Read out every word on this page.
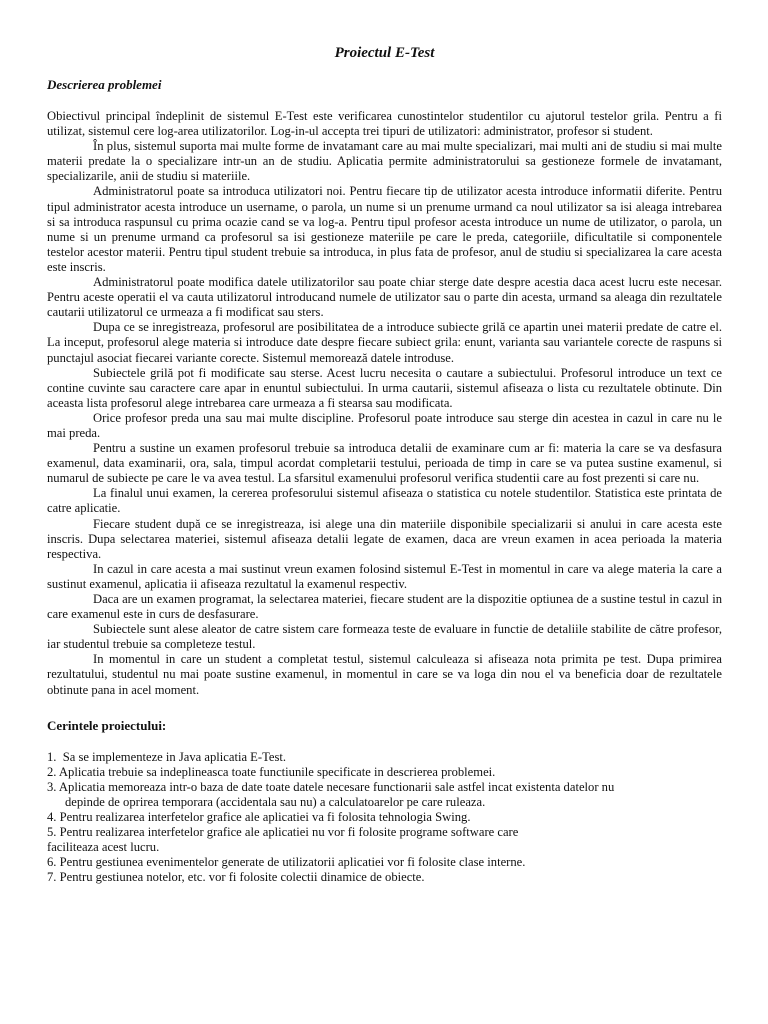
Proiectul E-Test
Descrierea problemei

Obiectivul principal îndeplinit de sistemul E-Test este verificarea cunostintelor studentilor cu ajutorul testelor grila. Pentru a fi utilizat, sistemul cere log-area utilizatorilor. Log-in-ul accepta trei tipuri de utilizatori: administrator, profesor si student.

În plus, sistemul suporta mai multe forme de invatamant care au mai multe specializari, mai multi ani de studiu si mai multe materii predate la o specializare intr-un an de studiu. Aplicatia permite administratorului sa gestioneze formele de invatamant, specializarile, anii de studiu si materiile.

Administratorul poate sa introduca utilizatori noi. Pentru fiecare tip de utilizator acesta introduce informatii diferite. Pentru tipul administrator acesta introduce un username, o parola, un nume si un prenume urmand ca noul utilizator sa isi aleaga intrebarea si sa introduca raspunsul cu prima ocazie cand se va log-a. Pentru tipul profesor acesta introduce un nume de utilizator, o parola, un nume si un prenume urmand ca profesorul sa isi gestioneze materiile pe care le preda, categoriile, dificultatile si componentele testelor acestor materii. Pentru tipul student trebuie sa introduca, in plus fata de profesor, anul de studiu si specializarea la care acesta este inscris.

Administratorul poate modifica datele utilizatorilor sau poate chiar sterge date despre acestia daca acest lucru este necesar. Pentru aceste operatii el va cauta utilizatorul introducand numele de utilizator sau o parte din acesta, urmand sa aleaga din rezultatele cautarii utilizatorul ce urmeaza a fi modificat sau sters.

Dupa ce se inregistreaza, profesorul are posibilitatea de a introduce subiecte grilă ce apartin unei materii predate de catre el. La inceput, profesorul alege materia si introduce date despre fiecare subiect grila: enunt, varianta sau variantele corecte de raspuns si punctajul asociat fiecarei variante corecte. Sistemul memorează datele introduse.

Subiectele grilă pot fi modificate sau sterse. Acest lucru necesita o cautare a subiectului. Profesorul introduce un text ce contine cuvinte sau caractere care apar in enuntul subiectului. In urma cautarii, sistemul afiseaza o lista cu rezultatele obtinute. Din aceasta lista profesorul alege intrebarea care urmeaza a fi stearsa sau modificata.

Orice profesor preda una sau mai multe discipline. Profesorul poate introduce sau sterge din acestea in cazul in care nu le mai preda.

Pentru a sustine un examen profesorul trebuie sa introduca detalii de examinare cum ar fi: materia la care se va desfasura examenul, data examinarii, ora, sala, timpul acordat completarii testului, perioada de timp in care se va putea sustine examenul, si numarul de subiecte pe care le va avea testul. La sfarsitul examenului profesorul verifica studentii care au fost prezenti si care nu.

La finalul unui examen, la cererea profesorului sistemul afiseaza o statistica cu notele studentilor. Statistica este printata de catre aplicatie.

Fiecare student după ce se inregistreaza, isi alege una din materiile disponibile specializarii si anului in care acesta este inscris. Dupa selectarea materiei, sistemul afiseaza detalii legate de examen, daca are vreun examen in acea perioada la materia respectiva.

In cazul in care acesta a mai sustinut vreun examen folosind sistemul E-Test in momentul in care va alege materia la care a sustinut examenul, aplicatia ii afiseaza rezultatul la examenul respectiv.

Daca are un examen programat, la selectarea materiei, fiecare student are la dispozitie optiunea de a sustine testul in cazul in care examenul este in curs de desfasurare.

Subiectele sunt alese aleator de catre sistem care formeaza teste de evaluare in functie de detaliile stabilite de către profesor, iar studentul trebuie sa completeze testul.

In momentul in care un student a completat testul, sistemul calculeaza si afiseaza nota primita pe test. Dupa primirea rezultatului, studentul nu mai poate sustine examenul, in momentul in care se va loga din nou el va beneficia doar de rezultatele obtinute pana in acel moment.

Cerintele proiectului:
1. Sa se implementeze in Java aplicatia E-Test.
2. Aplicatia trebuie sa indeplineasca toate functiunile specificate in descrierea problemei.
3. Aplicatia memoreaza intr-o baza de date toate datele necesare functionarii sale astfel incat existenta datelor nu
depinde de oprirea temporara (accidentala sau nu) a calculatoarelor pe care ruleaza.
4. Pentru realizarea interfetelor grafice ale aplicatiei va fi folosita tehnologia Swing.
5. Pentru realizarea interfetelor grafice ale aplicatiei nu vor fi folosite programe software care
faciliteaza acest lucru.
6. Pentru gestiunea evenimentelor generate de utilizatorii aplicatiei vor fi folosite clase interne.
7. Pentru gestiunea notelor, etc. vor fi folosite colectii dinamice de obiecte.
